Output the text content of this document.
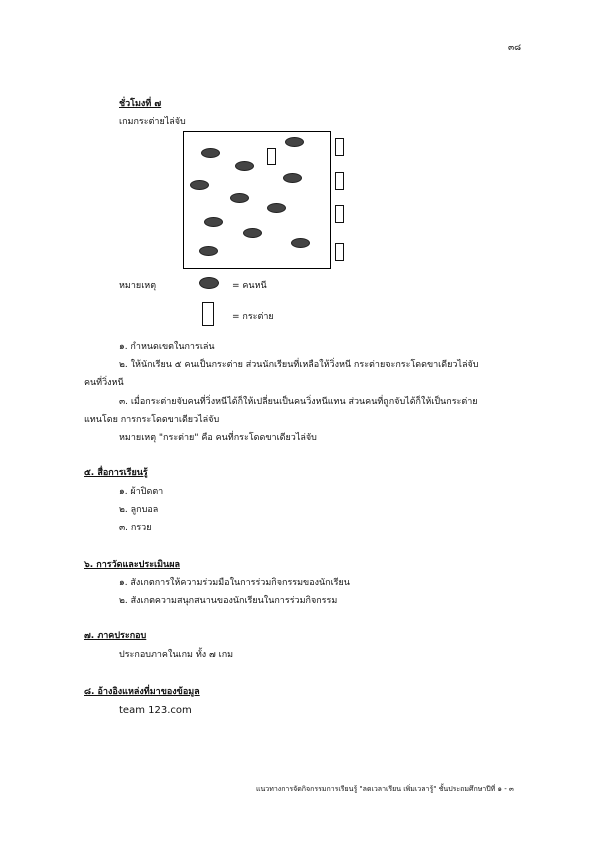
๓๘
ชั่วโมงที่ ๗
เกมกระต่ายไล่จับ
หมายเหตุ	= คนหนี
= กระต่าย
๑. กำหนดเขตในการเล่น
๒. ให้นักเรียน ๕ คนเป็นกระต่าย ส่วนนักเรียนที่เหลือให้วิ่งหนี กระต่ายจะกระโดดขาเดียวไล่จับ
คนที่วิ่งหนี
๓. เมื่อกระต่ายจับคนที่วิ่งหนีได้ก็ให้เปลี่ยนเป็นคนวิ่งหนีแทน ส่วนคนที่ถูกจับได้ก็ให้เป็นกระต่าย
แทนโดย การกระโดดขาเดียวไล่จับ
หมายเหตุ "กระต่าย" คือ คนที่กระโดดขาเดียวไล่จับ
๕. สื่อการเรียนรู้
๑. ผ้าปิดตา
๒. ลูกบอล
๓. กรวย
๖. การวัดและประเมินผล
๑. สังเกตการให้ความร่วมมือในการร่วมกิจกรรมของนักเรียน
๒. สังเกตความสนุกสนานของนักเรียนในการร่วมกิจกรรม
๗. ภาคประกอบ
ประกอบภาคในเกม ทั้ง ๗ เกม
๘. อ้างอิงแหล่งที่มาของข้อมูล
team 123.com
แนวทางการจัดกิจกรรมการเรียนรู้ "ลดเวลาเรียน เพิ่มเวลารู้" ชั้นประถมศึกษาปีที่ ๑ - ๓
